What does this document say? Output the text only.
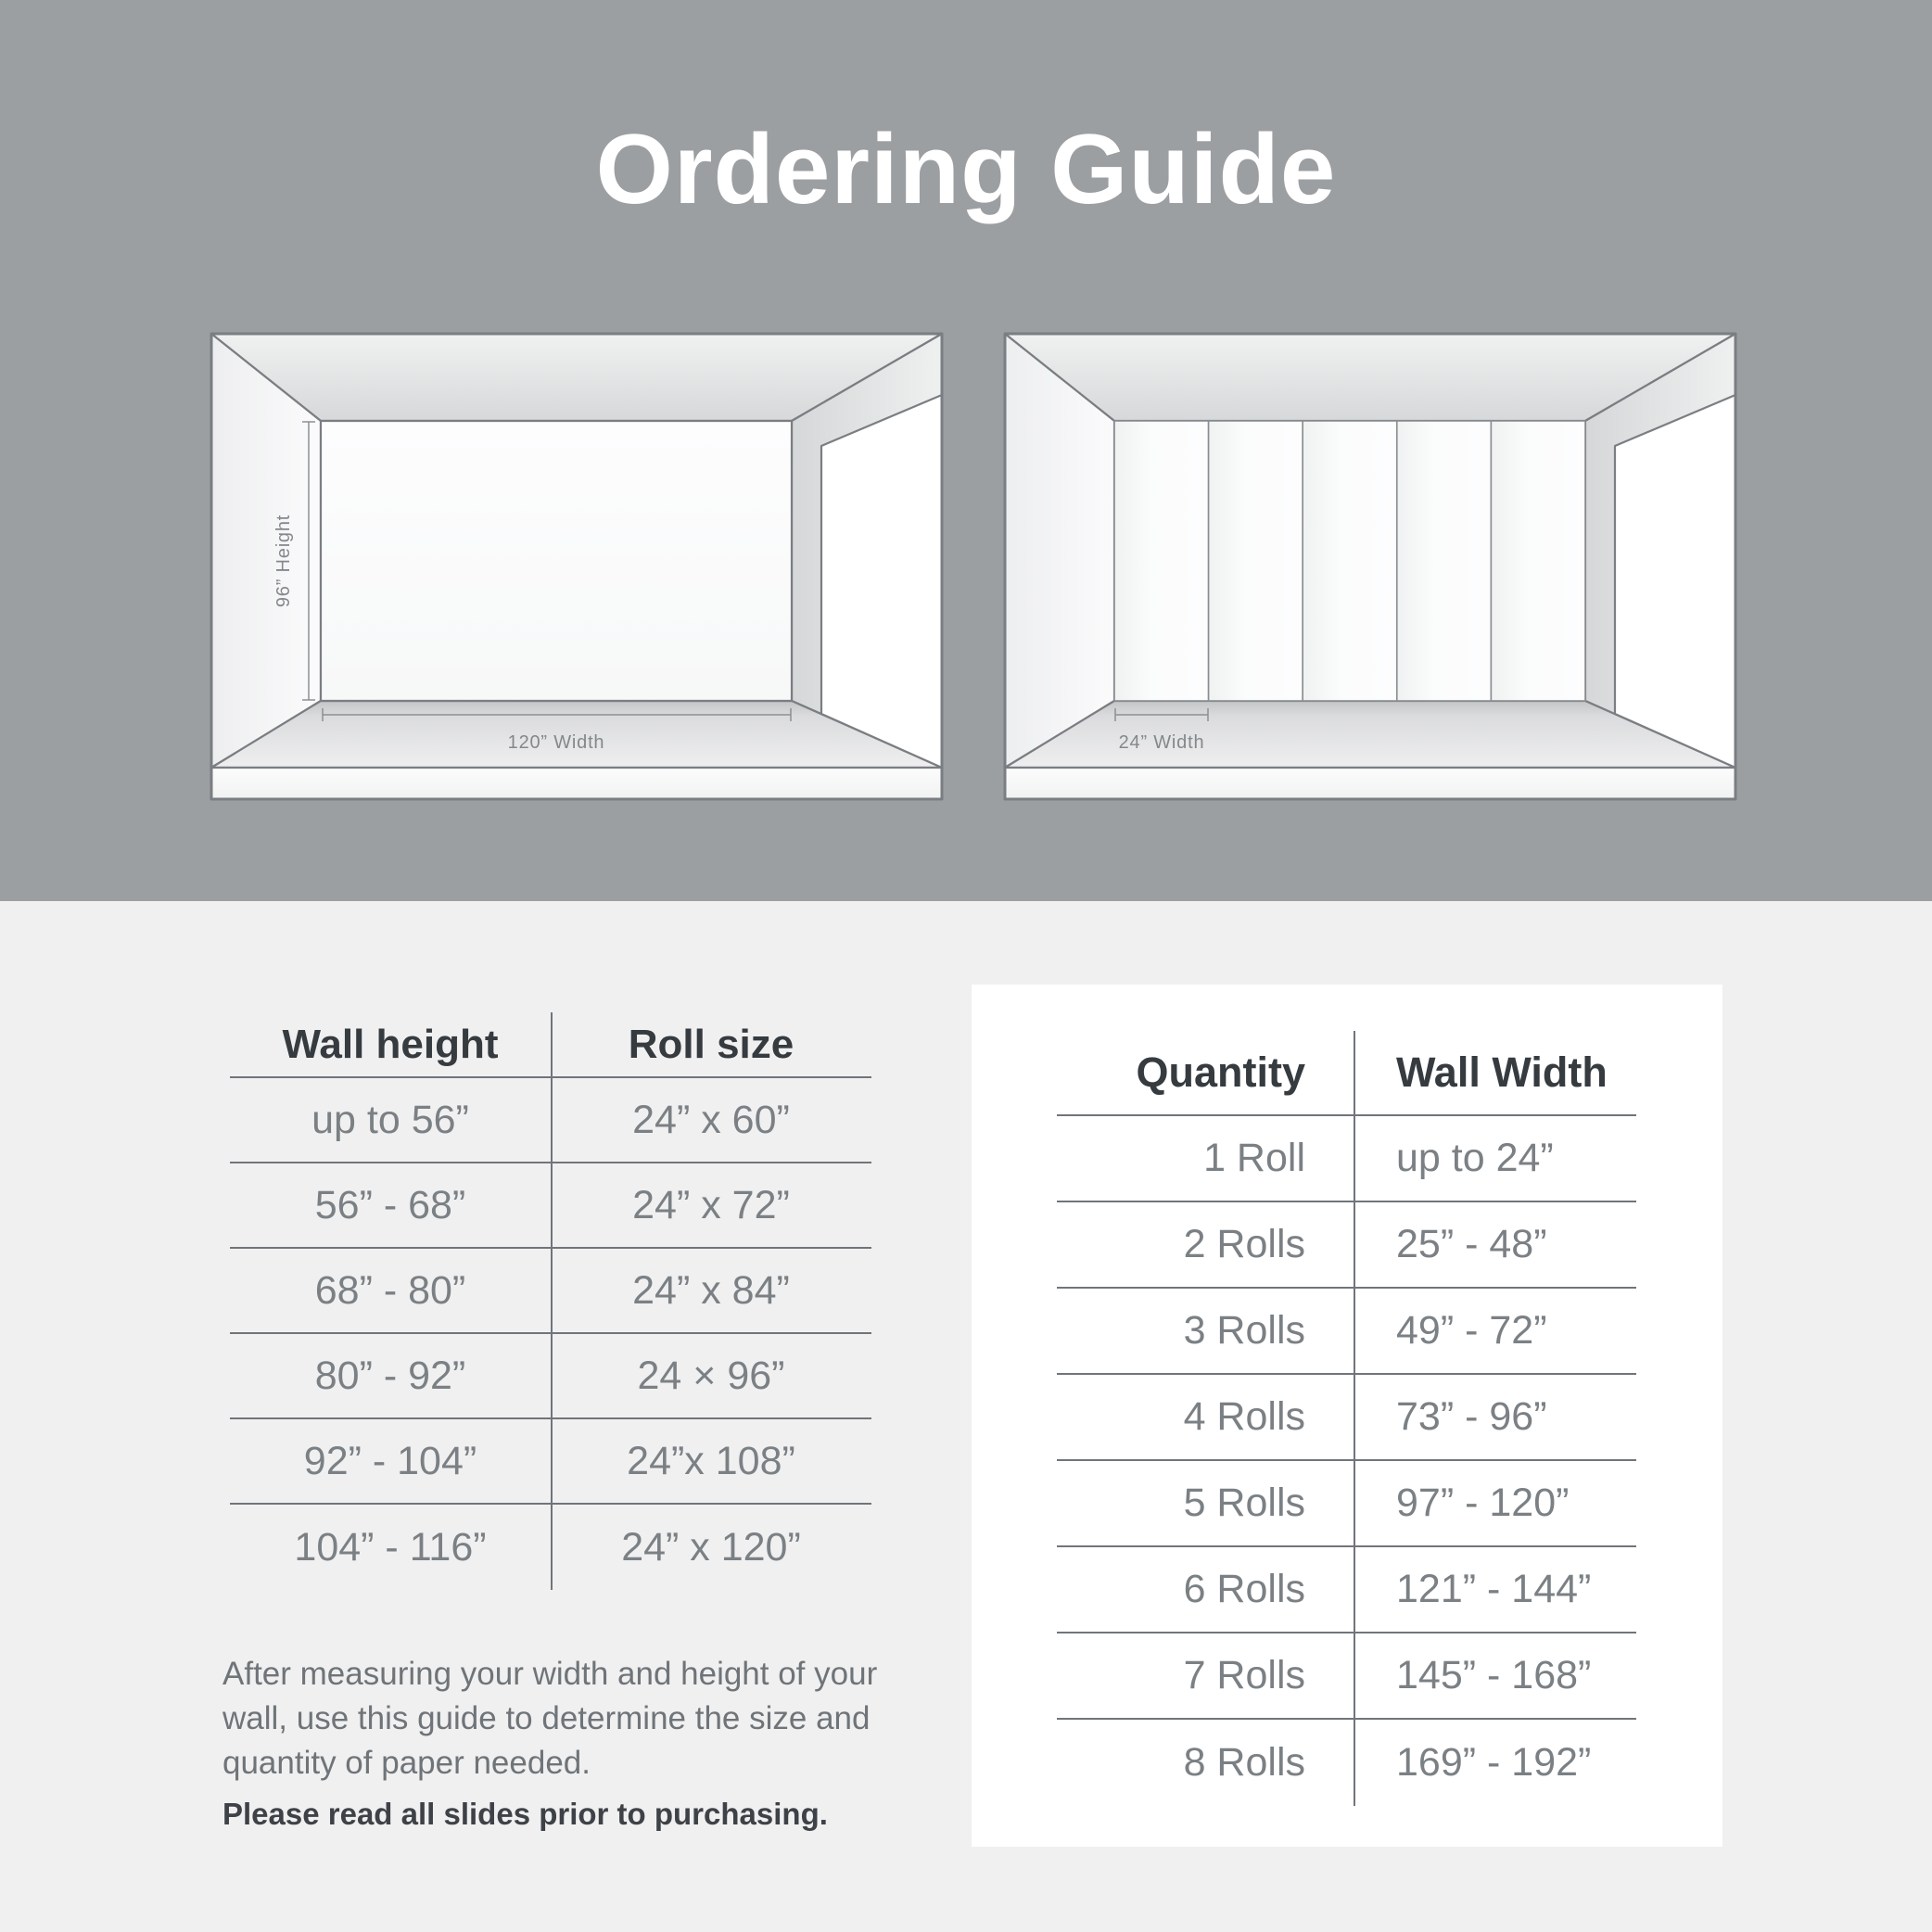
Ordering Guide
96” Height
120” Width	24” Width
Wall height	Roll size
up to 56”	24” x 60”
56” - 68”	24” x 72”
68” - 80”	24” x 84”
80” - 92”	24 × 96”
92” - 104”	24”x 108”
104” - 116”	24” x 120”

After measuring your width and height of your wall, use this guide to determine the size and quantity of paper needed.

Please read all slides prior to purchasing.

Quantity	Wall Width
1 Roll	up to 24”
2 Rolls	25” - 48”
3 Rolls	49” - 72”
4 Rolls	73” - 96”
5 Rolls	97” - 120”
6 Rolls	121” - 144”
7 Rolls	145” - 168”
8 Rolls	169” - 192”
